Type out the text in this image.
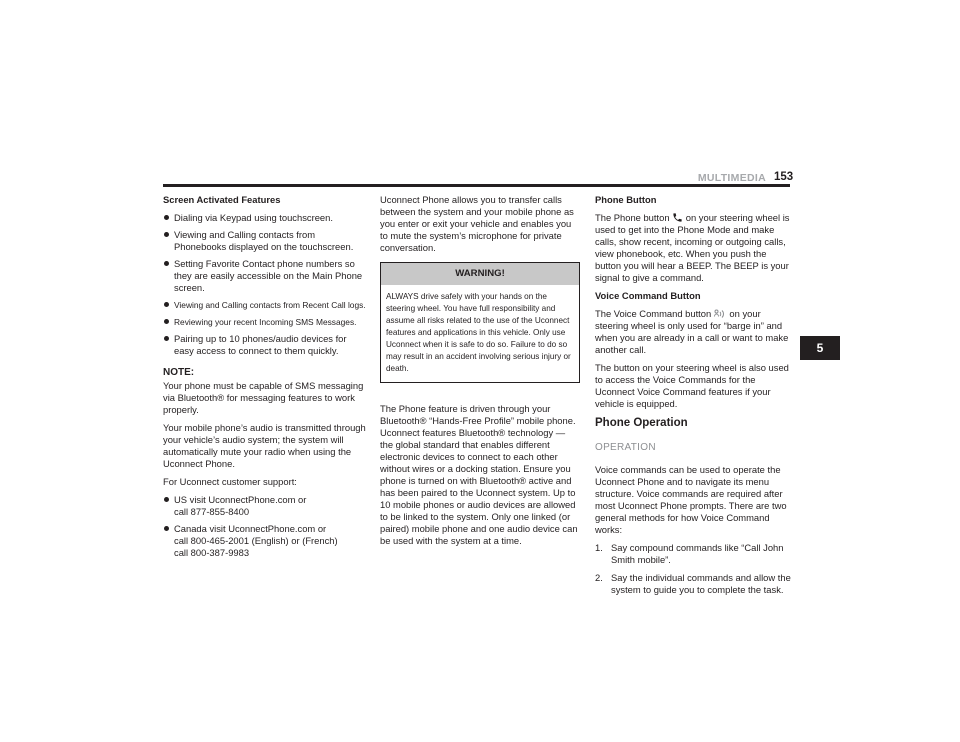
MULTIMEDIA 153
5

Screen Activated Features

Dialing via Keypad using touchscreen.
Viewing and Calling contacts from Phonebooks displayed on the touchscreen.
Setting Favorite Contact phone numbers so they are easily accessible on the Main Phone screen.
Viewing and Calling contacts from Recent Call logs.
Reviewing your recent Incoming SMS Messages.
Pairing up to 10 phones/audio devices for easy access to connect to them quickly.
NOTE:

Your phone must be capable of SMS messaging via Bluetooth® for messaging features to work properly.

Your mobile phone’s audio is transmitted through your vehicle’s audio system; the system will automatically mute your radio when using the Uconnect Phone.

For Uconnect customer support:

US visit UconnectPhone.com or
call 877-855-8400
Canada visit UconnectPhone.com or
call 800-465-2001 (English) or (French)
call 800-387-9983

Uconnect Phone allows you to transfer calls between the system and your mobile phone as you enter or exit your vehicle and enables you to mute the system’s microphone for private conversation.

WARNING!
ALWAYS drive safely with your hands on the steering wheel. You have full responsibility and assume all risks related to the use of the Uconnect features and applications in this vehicle. Only use Uconnect when it is safe to do so. Failure to do so may result in an accident involving serious injury or death.

The Phone feature is driven through your Bluetooth® “Hands-Free Profile” mobile phone. Uconnect features Bluetooth® technology — the global standard that enables different electronic devices to connect to each other without wires or a docking station. Ensure you phone is turned on with Bluetooth® active and has been paired to the Uconnect system. Up to 10 mobile phones or audio devices are allowed to be linked to the system. Only one linked (or paired) mobile phone and one audio device can be used with the system at a time.

Phone Button

The Phone button  on your steering wheel is used to get into the Phone Mode and make calls, show recent, incoming or outgoing calls, view phonebook, etc. When you push the button you will hear a BEEP. The BEEP is your signal to give a command.

Voice Command Button

The Voice Command button  on your steering wheel is only used for “barge in” and when you are already in a call or want to make another call.

The button on your steering wheel is also used to access the Voice Commands for the Uconnect Voice Command features if your vehicle is equipped.

Phone Operation
OPERATION

Voice commands can be used to operate the Uconnect Phone and to navigate its menu structure. Voice commands are required after most Uconnect Phone prompts. There are two general methods for how Voice Command works:

1. Say compound commands like “Call John Smith mobile”.
2. Say the individual commands and allow the system to guide you to complete the task.
